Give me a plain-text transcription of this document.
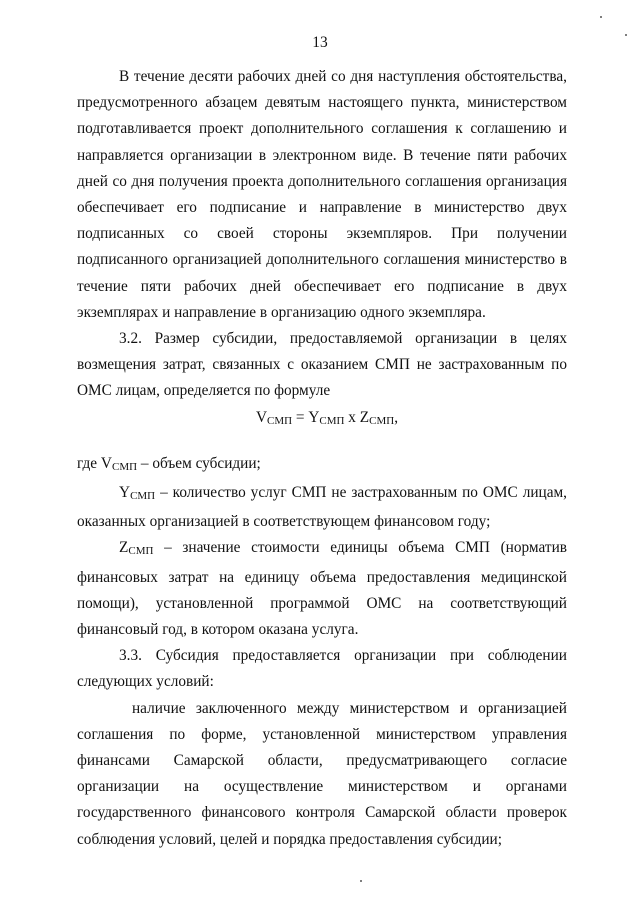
13

В течение десяти рабочих дней со дня наступления обстоятельства, предусмотренного абзацем девятым настоящего пункта, министерством подготавливается проект дополнительного соглашения к соглашению и направляется организации в электронном виде. В течение пяти рабочих дней со дня получения проекта дополнительного соглашения организация обеспечивает его подписание и направление в министерство двух подписанных со своей стороны экземпляров. При получении подписанного организацией дополнительного соглашения министерство в течение пяти рабочих дней обеспечивает его подписание в двух экземплярах и направление в организацию одного экземпляра.

3.2. Размер субсидии, предоставляемой организации в целях возмещения затрат, связанных с оказанием СМП не застрахованным по ОМС лицам, определяется по формуле

$V_{СМП} = Y_{СМП}$ x $Z_{СМП}$,

где $V_{СМП}$ – объем субсидии;

$Y_{СМП}$ – количество услуг СМП не застрахованным по ОМС лицам, оказанных организацией в соответствующем финансовом году;

$Z_{СМП}$ – значение стоимости единицы объема СМП (норматив финансовых затрат на единицу объема предоставления медицинской помощи), установленной программой ОМС на соответствующий финансовый год, в котором оказана услуга.

3.3. Субсидия предоставляется организации при соблюдении следующих условий:

наличие заключенного между министерством и организацией соглашения по форме, установленной министерством управления финансами Самарской области, предусматривающего согласие организации на осуществление министерством и органами государственного финансового контроля Самарской области проверок соблюдения условий, целей и порядка предоставления субсидии;
